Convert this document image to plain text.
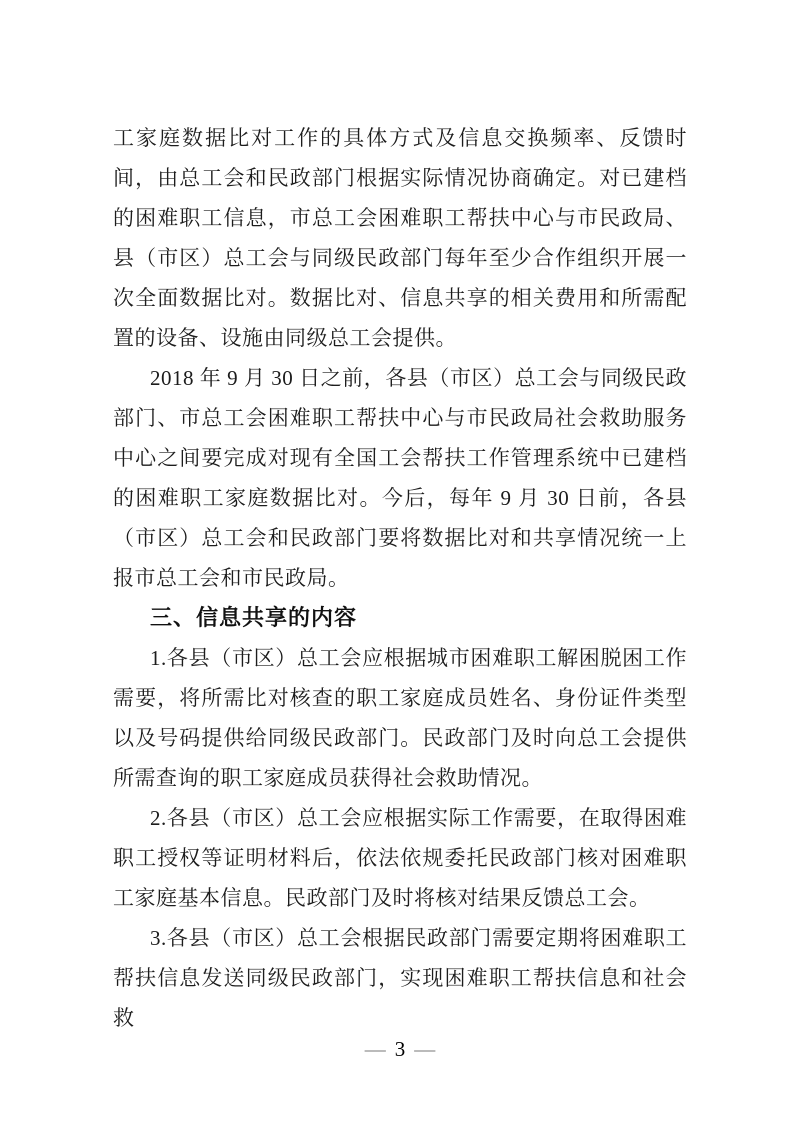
工家庭数据比对工作的具体方式及信息交换频率、反馈时间，由总工会和民政部门根据实际情况协商确定。对已建档的困难职工信息，市总工会困难职工帮扶中心与市民政局、县（市区）总工会与同级民政部门每年至少合作组织开展一次全面数据比对。数据比对、信息共享的相关费用和所需配置的设备、设施由同级总工会提供。

2018 年 9 月 30 日之前，各县（市区）总工会与同级民政部门、市总工会困难职工帮扶中心与市民政局社会救助服务中心之间要完成对现有全国工会帮扶工作管理系统中已建档的困难职工家庭数据比对。今后，每年 9 月 30 日前，各县（市区）总工会和民政部门要将数据比对和共享情况统一上报市总工会和市民政局。

三、信息共享的内容

1.各县（市区）总工会应根据城市困难职工解困脱困工作需要，将所需比对核查的职工家庭成员姓名、身份证件类型以及号码提供给同级民政部门。民政部门及时向总工会提供所需查询的职工家庭成员获得社会救助情况。

2.各县（市区）总工会应根据实际工作需要，在取得困难职工授权等证明材料后，依法依规委托民政部门核对困难职工家庭基本信息。民政部门及时将核对结果反馈总工会。

3.各县（市区）总工会根据民政部门需要定期将困难职工帮扶信息发送同级民政部门，实现困难职工帮扶信息和社会救

— 3 —
